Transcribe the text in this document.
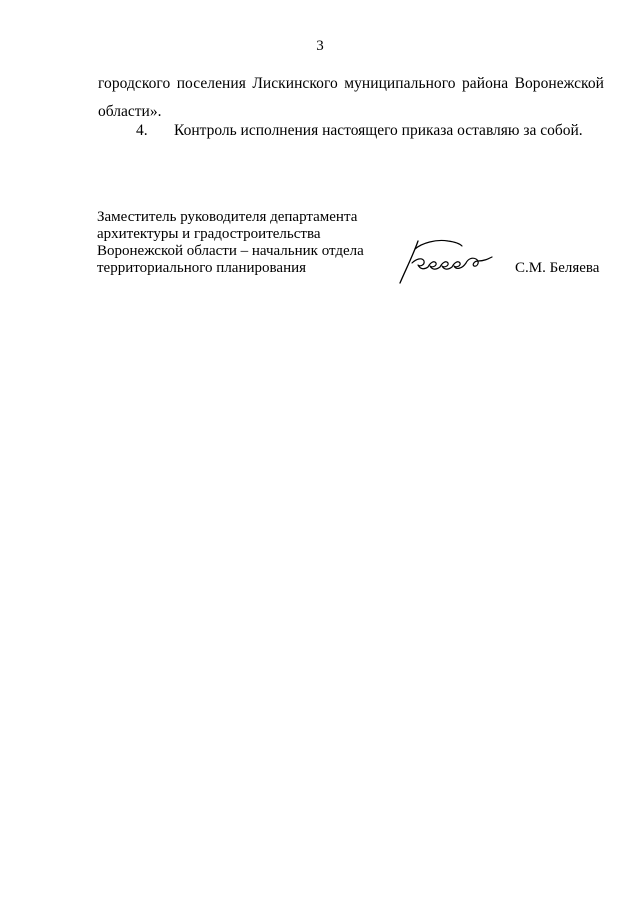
3
городского поселения Лискинского муниципального района Воронежской
области».
4. Контроль исполнения настоящего приказа оставляю за собой.
Заместитель руководителя департамента
архитектуры и градостроительства
Воронежской области – начальник отдела
территориального планирования	С.М. Беляева
